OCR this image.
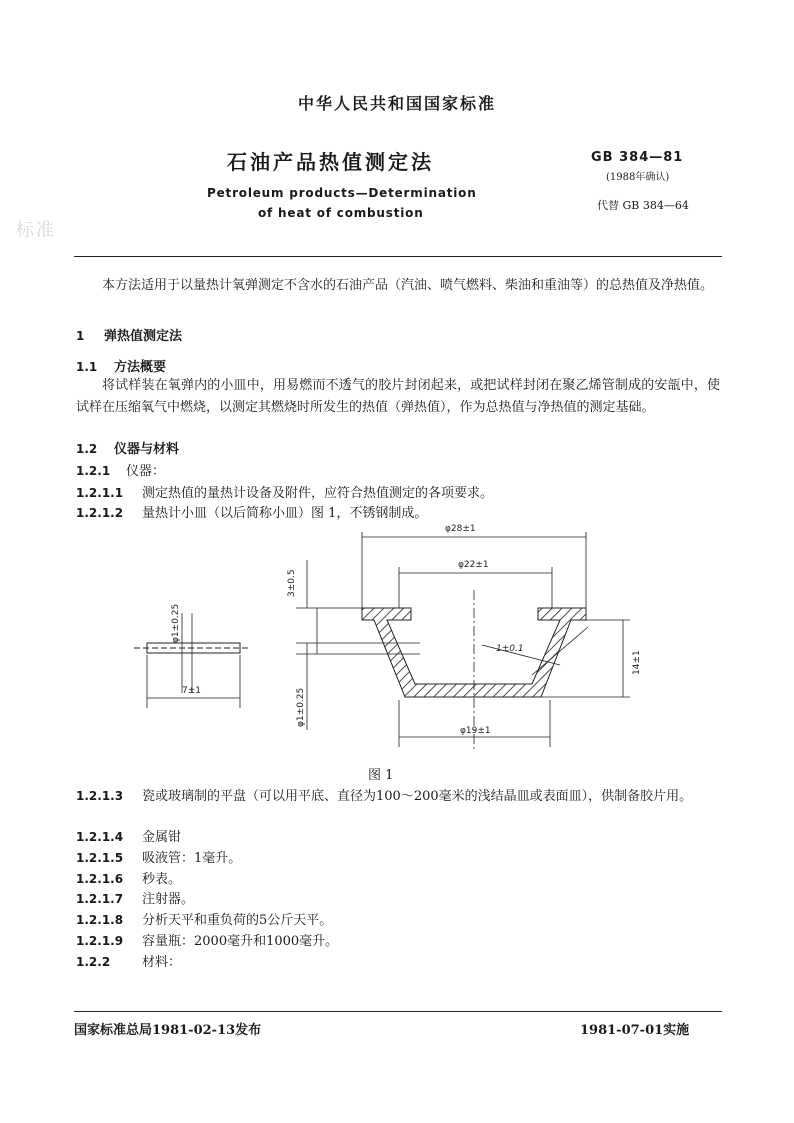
标准
中华人民共和国国家标准
石油产品热值测定法
Petroleum products—Determination
of heat of combustion
GB 384—81
(1988年确认)
代替 GB 384—64
本方法适用于以量热计氧弹测定不含水的石油产品（汽油、喷气燃料、柴油和重油等）的总热值及净热值。
1 弹热值测定法
1.1 方法概要
将试样装在氧弹内的小皿中，用易燃而不透气的胶片封闭起来，或把试样封闭在聚乙烯管制成的安瓿中，使试样在压缩氧气中燃烧，以测定其燃烧时所发生的热值（弹热值），作为总热值与净热值的测定基础。
1.2 仪器与材料
1.2.1 仪器：
1.2.1.1 测定热值的量热计设备及附件，应符合热值测定的各项要求。
1.2.1.2 量热计小皿（以后简称小皿）图 1，不锈钢制成。
φ28±1
φ22±1
φ19±1
1±0.1
3±0.5
14±1
φ1±0.25
φ1±0.25
7±1
图 1
1.2.1.3 瓷或玻璃制的平盘（可以用平底、直径为100～200毫米的浅结晶皿或表面皿），供制备胶片用。
1.2.1.4 金属钳
1.2.1.5 吸液管：1毫升。
1.2.1.6 秒表。
1.2.1.7 注射器。
1.2.1.8 分析天平和重负荷的5公斤天平。
1.2.1.9 容量瓶：2000毫升和1000毫升。
1.2.2 材料：
国家标准总局1981-02-13发布	1981-07-01实施
